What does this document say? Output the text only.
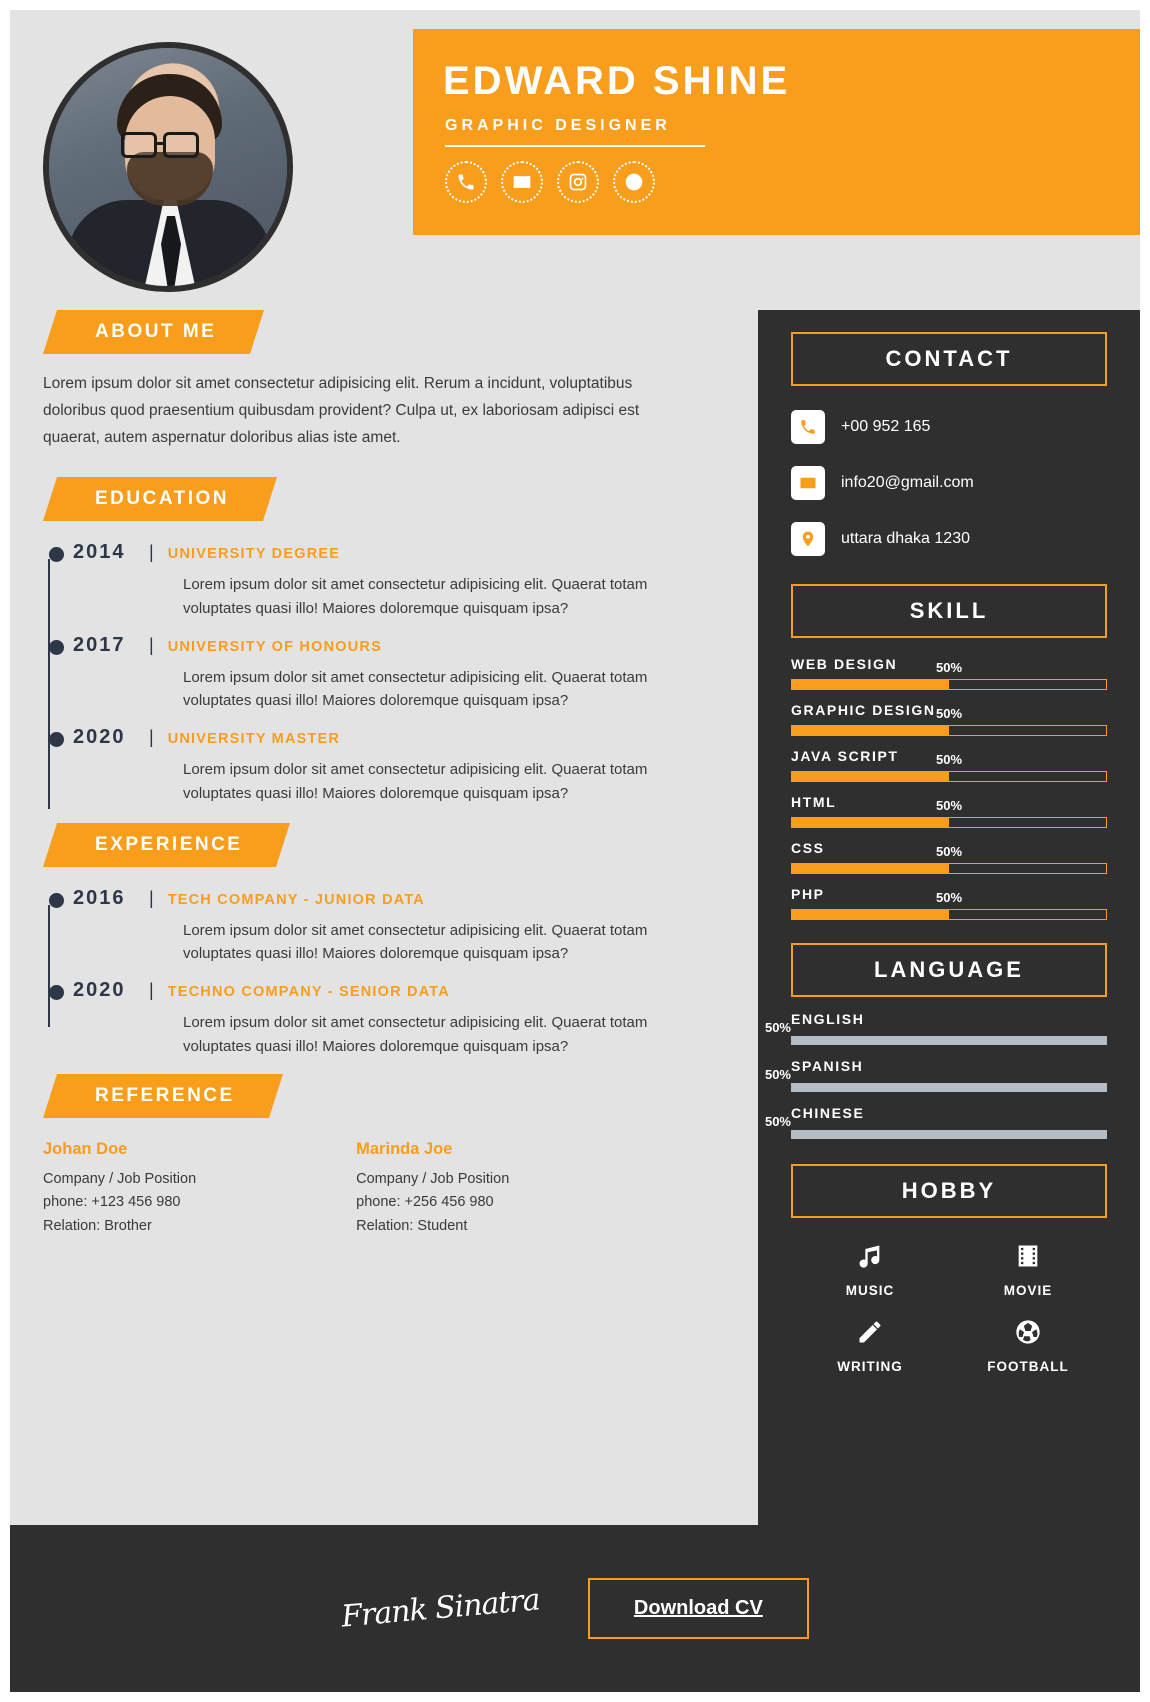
EDWARD SHINE
GRAPHIC DESIGNER
ABOUT ME
Lorem ipsum dolor sit amet consectetur adipisicing elit. Rerum a incidunt, voluptatibus doloribus quod praesentium quibusdam provident? Culpa ut, ex laboriosam adipisci est quaerat, autem aspernatur doloribus alias iste amet.
EDUCATION
2014	| UNIVERSITY DEGREE
Lorem ipsum dolor sit amet consectetur adipisicing elit. Quaerat totam voluptates quasi illo! Maiores doloremque quisquam ipsa?
2017	| UNIVERSITY OF HONOURS
Lorem ipsum dolor sit amet consectetur adipisicing elit. Quaerat totam voluptates quasi illo! Maiores doloremque quisquam ipsa?
2020	| UNIVERSITY MASTER
Lorem ipsum dolor sit amet consectetur adipisicing elit. Quaerat totam voluptates quasi illo! Maiores doloremque quisquam ipsa?
EXPERIENCE
2016	| TECH COMPANY - JUNIOR DATA
Lorem ipsum dolor sit amet consectetur adipisicing elit. Quaerat totam voluptates quasi illo! Maiores doloremque quisquam ipsa?
2020	| TECHNO COMPANY - SENIOR DATA
Lorem ipsum dolor sit amet consectetur adipisicing elit. Quaerat totam voluptates quasi illo! Maiores doloremque quisquam ipsa?
REFERENCE
Johan Doe
Company / Job Position
phone: +123 456 980
Relation: Brother
Marinda Joe
Company / Job Position
phone: +256 456 980
Relation: Student
CONTACT
+00 952 165
info20@gmail.com
uttara dhaka 1230
SKILL
WEB DESIGN	50%
GRAPHIC DESIGN 50%
JAVA SCRIPT	50%
HTML	50%
CSS	50%
PHP	50%
LANGUAGE
ENGLISH
50%
SPANISH
50%
CHINESE
50%
HOBBY
MUSIC	MOVIE
WRITING	FOOTBALL
Frank Sinatra	Download CV
